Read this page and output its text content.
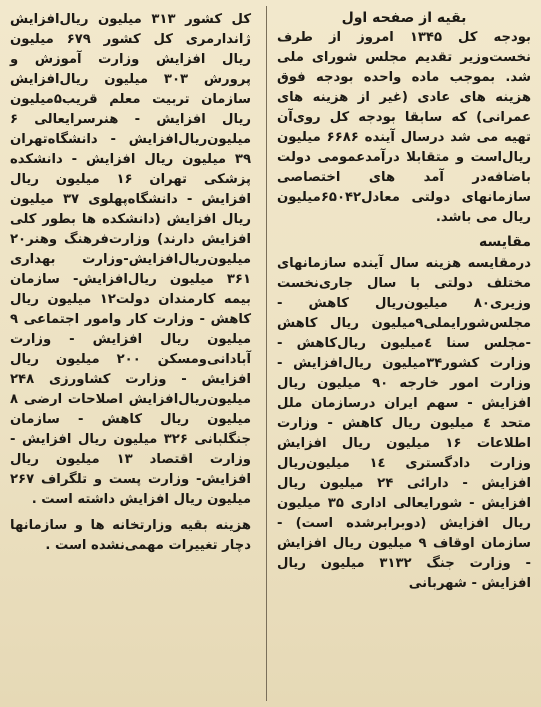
بقیه از صفحه اول

بودجه کل ۱۳۴۵ امروز از طرف نخست‌وزیر تقدیم مجلس شورای ملی شد. بموجب ماده واحده بودجه فوق هزینه های عادی (غیر از هزینه های عمرانی) که سابقا بودجه کل روی‌آن تهیه می شد درسال آینده ۶۶۸۶ میلیون ریال‌است و متقابلا درآمدعمومی دولت باضافه‌در آمد های اختصاصی سازمانهای دولتی معادل۶۵۰۴۲میلیون ریال می باشد.

مقایسه

درمقایسه هزینه سال آینده سازمانهای مختلف دولتی با سال جاری‌نخست وزیری۸۰ میلیون‌ریال کاهش - مجلس‌شورایملی۹میلیون ریال کاهش -مجلس سنا ٤میلیون ریال‌کاهش - وزارت کشور۳۴میلیون ریال‌افزایش - وزارت امور خارجه ۹۰ میلیون ریال افزایش - سهم ایران درسازمان ملل متحد ٤ میلیون ریال کاهش - وزارت اطلاعات ۱۶ میلیون ریال افزایش وزارت دادگستری ١٤ میلیون‌ریال افزایش - دارائی ۲۴ میلیون ریال افزایش - شورایعالی اداری ۳۵ میلیون ریال افزایش (دوبرابرشده است) - سازمان اوقاف ۹ میلیون ریال افزایش - وزارت جنگ ۳۱۳۲ میلیون ریال افزایش - شهربانی

کل کشور ۳۱۳ میلیون ریال‌افزایش ژاندارمری کل کشور ۶۷۹ میلیون ریال افزایش وزارت آموزش و پرورش ۳۰۳ میلیون ریال‌افزایش سازمان تربیت معلم قریب۵میلیون ریال افزایش - هنرسرایعالی ۶ میلیون‌ریال‌افزایش - دانشگاه‌تهران ۳۹ میلیون ریال افزایش - دانشکده پزشکی تهران ۱۶ میلیون ریال افزایش - دانشگاه‌پهلوی ۳۷ میلیون ریال افزایش (دانشکده ها بطور کلی افزایش دارند) وزارت‌فرهنگ وهنر۲۰ میلیون‌ریال‌افزایش‌-وزارت بهداری ۳۶۱ میلیون ریال‌افزایش- سازمان بیمه کارمندان دولت۱۲ میلیون ریال کاهش - وزارت کار وامور اجتماعی ۹ میلیون ریال افزایش - وزارت آبادانی‌ومسکن ۲۰۰ میلیون ریال افزایش - وزارت کشاورزی ۲۴۸ میلیون‌ریال‌افزایش اصلاحات ارضی ۸ میلیون ریال کاهش - سازمان جنگلبانی ۳۲۶ میلیون ریال افزایش - وزارت اقتصاد ۱۳ میلیون ریال افزایش- وزارت پست و تلگراف ۲۶۷ میلیون ریال افزایش داشته است .

هزینه بقیه وزارتخانه ها و سازمانها دچار تغییرات مهمی‌نشده است .
